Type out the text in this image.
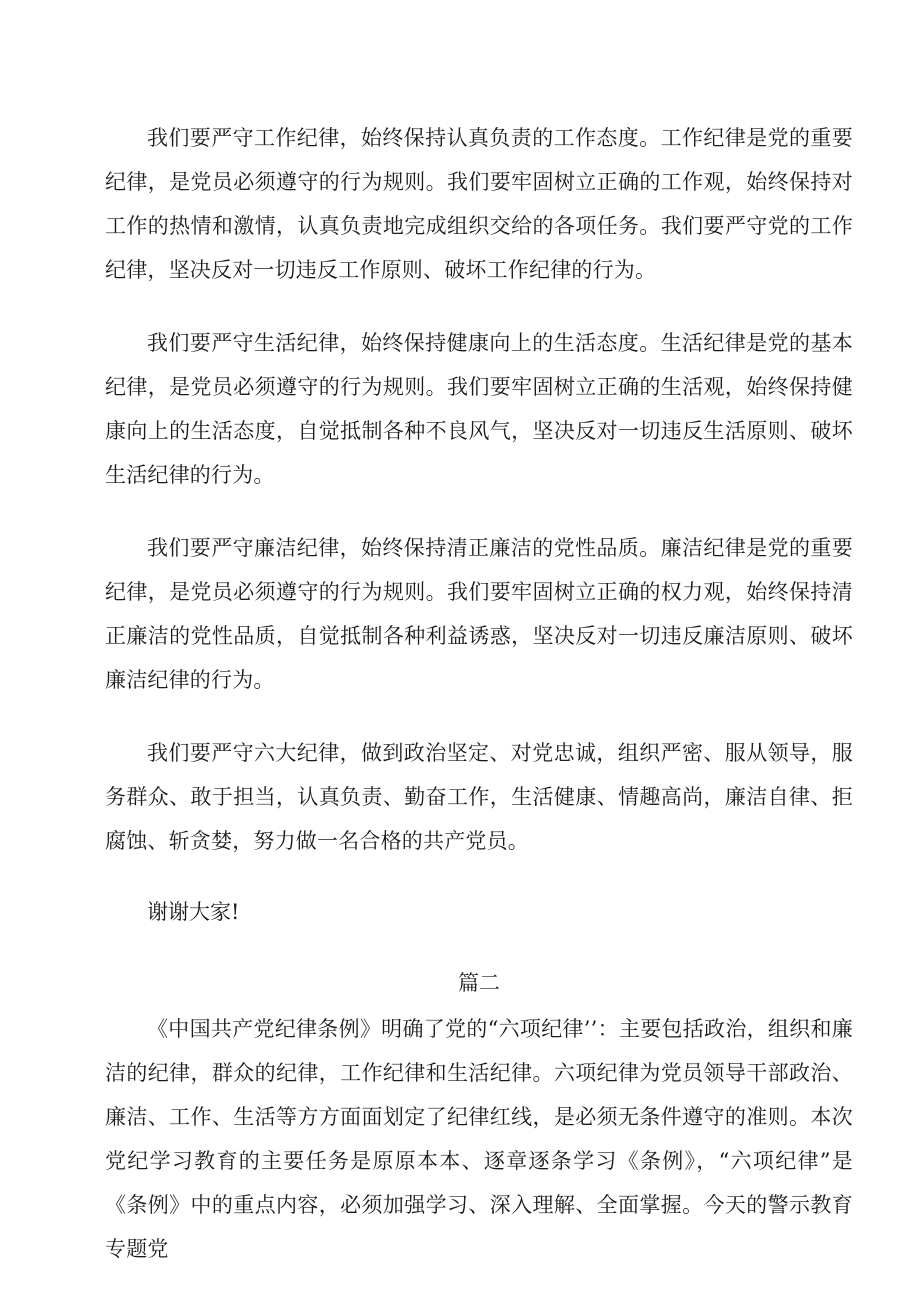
我们要严守工作纪律，始终保持认真负责的工作态度。工作纪律是党的重要纪律，是党员必须遵守的行为规则。我们要牢固树立正确的工作观，始终保持对工作的热情和激情，认真负责地完成组织交给的各项任务。我们要严守党的工作纪律，坚决反对一切违反工作原则、破坏工作纪律的行为。

我们要严守生活纪律，始终保持健康向上的生活态度。生活纪律是党的基本纪律，是党员必须遵守的行为规则。我们要牢固树立正确的生活观，始终保持健康向上的生活态度，自觉抵制各种不良风气，坚决反对一切违反生活原则、破坏生活纪律的行为。

我们要严守廉洁纪律，始终保持清正廉洁的党性品质。廉洁纪律是党的重要纪律，是党员必须遵守的行为规则。我们要牢固树立正确的权力观，始终保持清正廉洁的党性品质，自觉抵制各种利益诱惑，坚决反对一切违反廉洁原则、破坏廉洁纪律的行为。

我们要严守六大纪律，做到政治坚定、对党忠诚，组织严密、服从领导，服务群众、敢于担当，认真负责、勤奋工作，生活健康、情趣高尚，廉洁自律、拒腐蚀、斩贪婪，努力做一名合格的共产党员。

谢谢大家!

篇二

《中国共产党纪律条例》明确了党的“六项纪律’’：主要包括政治，组织和廉洁的纪律，群众的纪律，工作纪律和生活纪律。六项纪律为党员领导干部政治、廉洁、工作、生活等方方面面划定了纪律红线，是必须无条件遵守的准则。本次党纪学习教育的主要任务是原原本本、逐章逐条学习《条例》，“六项纪律”是《条例》中的重点内容，必须加强学习、深入理解、全面掌握。今天的警示教育专题党
